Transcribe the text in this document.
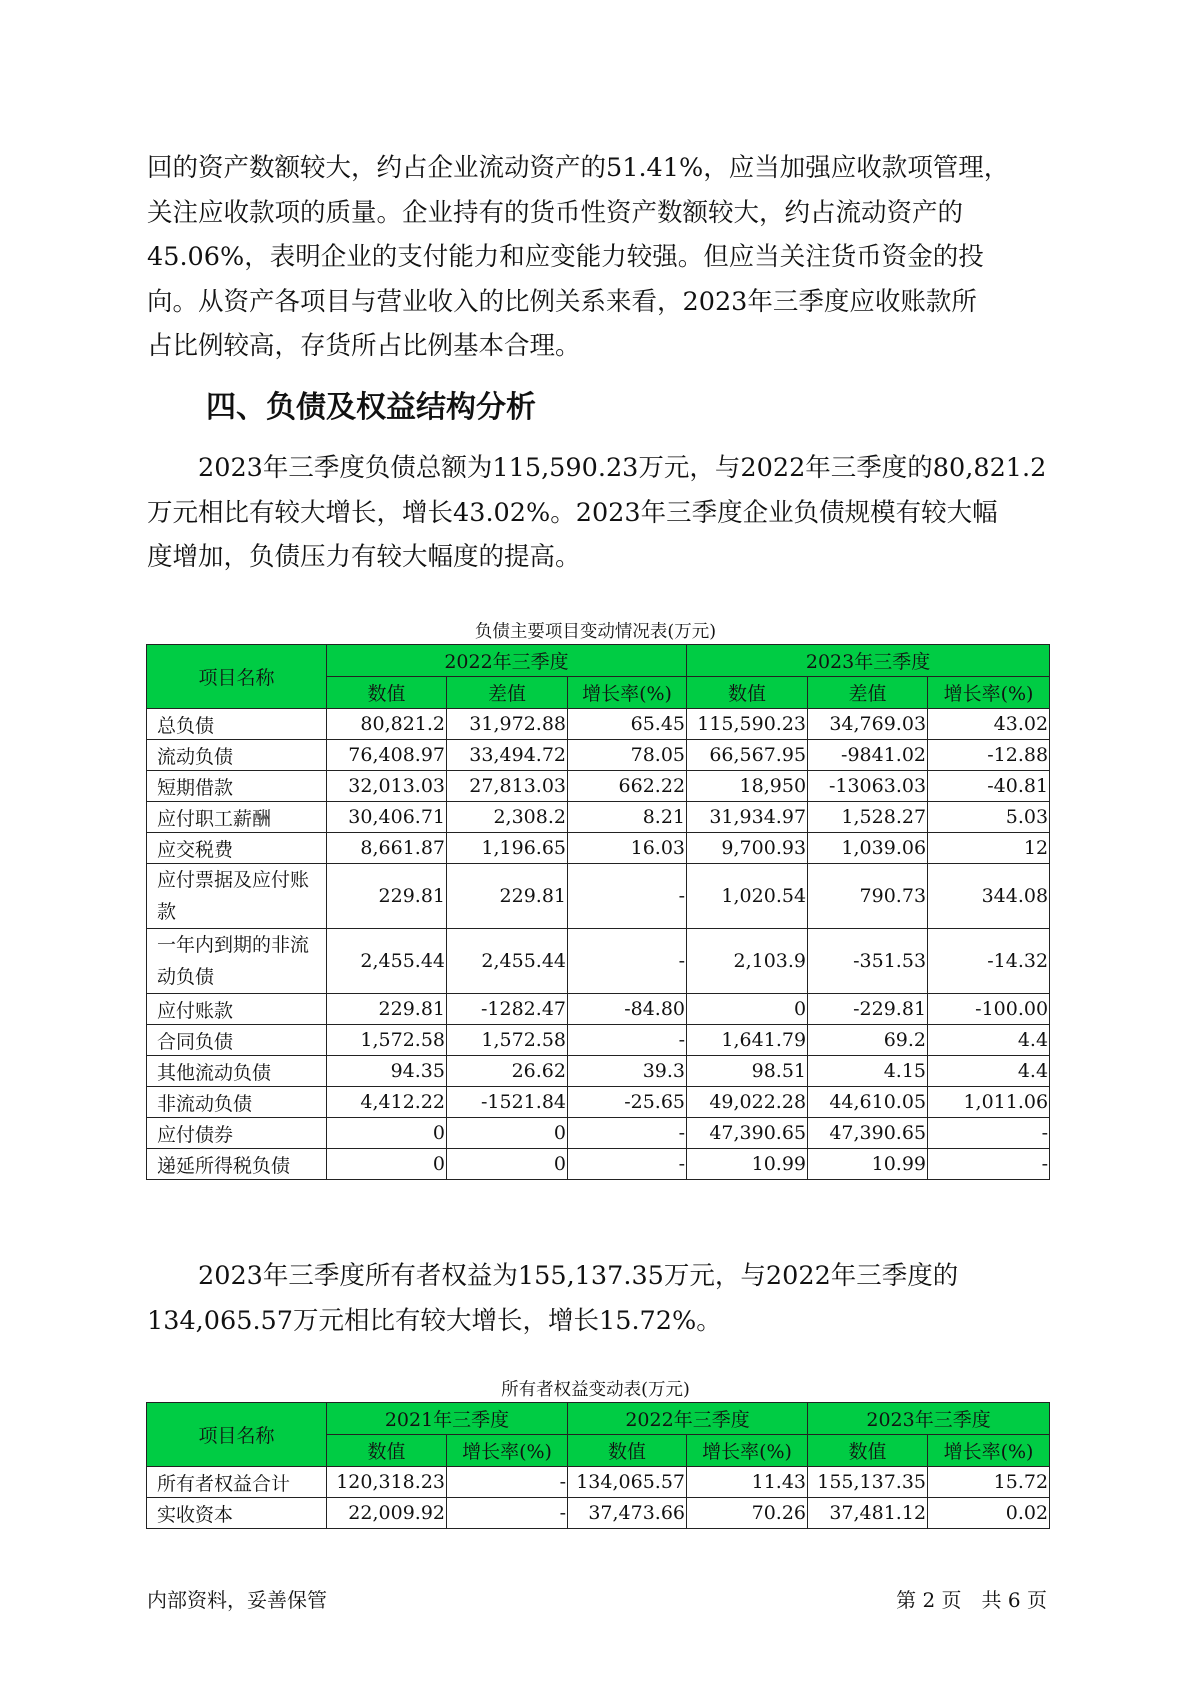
回的资产数额较大，约占企业流动资产的51.41%，应当加强应收款项管理，

关注应收款项的质量。企业持有的货币性资产数额较大，约占流动资产的

45.06%，表明企业的支付能力和应变能力较强。但应当关注货币资金的投

向。从资产各项目与营业收入的比例关系来看，2023年三季度应收账款所

占比例较高，存货所占比例基本合理。

四、负债及权益结构分析

　　2023年三季度负债总额为115,590.23万元，与2022年三季度的80,821.2

万元相比有较大增长，增长43.02%。2023年三季度企业负债规模有较大幅

度增加，负债压力有较大幅度的提高。

负债主要项目变动情况表(万元)
项目名称	2022年三季度			2023年三季度		
	数值	差值	增长率(%)	数值	差值	增长率(%)
总负债	80,821.2	31,972.88	65.45	115,590.23	34,769.03	43.02
流动负债	76,408.97	33,494.72	78.05	66,567.95	-9841.02	-12.88
短期借款	32,013.03	27,813.03	662.22	18,950	-13063.03	-40.81
应付职工薪酬	30,406.71	2,308.2	8.21	31,934.97	1,528.27	5.03
应交税费	8,661.87	1,196.65	16.03	9,700.93	1,039.06	12
应付票据及应付账款	229.81	229.81	-	1,020.54	790.73	344.08
一年内到期的非流动负债	2,455.44	2,455.44	-	2,103.9	-351.53	-14.32
应付账款	229.81	-1282.47	-84.80	0	-229.81	-100.00
合同负债	1,572.58	1,572.58	-	1,641.79	69.2	4.4
其他流动负债	94.35	26.62	39.3	98.51	4.15	4.4
非流动负债	4,412.22	-1521.84	-25.65	49,022.28	44,610.05	1,011.06
应付债券	0	0	-	47,390.65	47,390.65	-
递延所得税负债	0	0	-	10.99	10.99	-

　　2023年三季度所有者权益为155,137.35万元，与2022年三季度的

134,065.57万元相比有较大增长，增长15.72%。

所有者权益变动表(万元)
项目名称	2021年三季度		2022年三季度		2023年三季度	
	数值	增长率(%)	数值	增长率(%)	数值	增长率(%)
所有者权益合计	120,318.23	-	134,065.57	11.43	155,137.35	15.72
实收资本	22,009.92	-	37,473.66	70.26	37,481.12	0.02
内部资料，妥善保管	第 2 页　共 6 页
